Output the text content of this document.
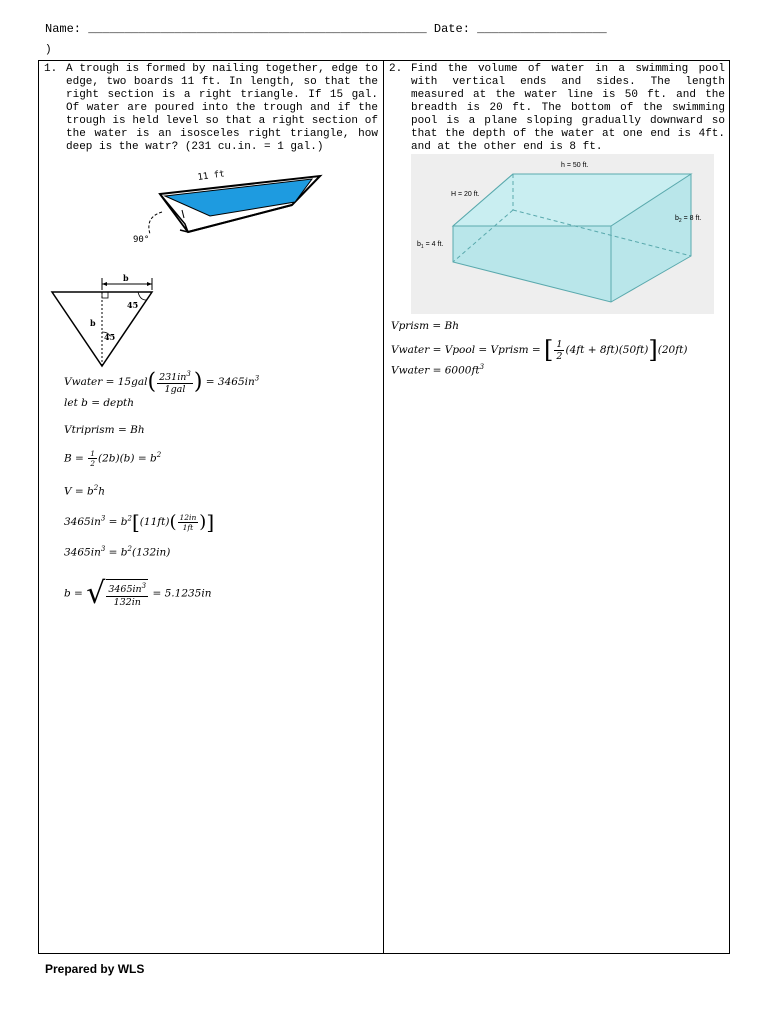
Name: _______________________________________________ Date: __________________
)
1. A trough is formed by nailing together, edge to edge, two boards 11 ft. In length, so that the right section is a right triangle. If 15 gal. Of water are poured into the trough and if the trough is held level so that a right section of the water is an isosceles right triangle, how deep is the watr? (231 cu.in. = 1 gal.)
11 ft
90°
b
b
45
45
Vwater = $15gal( \frac{231in^3}{\text{1gal}}$ ) = $3465in^3$
let b = depth
Vtriprism = Bh
$B = \frac{1}{2} (2b)(b) = b^2$
$V = b^2h$
$3465in^3 = b^2[(11ft)( \frac{12in}{1ft}$ )]
$3465in^3 = b^2(132in)$
b = √ $\frac{3465in^3}{132in} = 5.1235in$
2. Find the volume of water in a swimming pool with vertical ends and sides. The length measured at the water line is 50 ft. and the breadth is 20 ft. The bottom of the swimming pool is a plane sloping gradually downward so that the depth of the water at one end is 4ft. and at the other end is 8 ft.
h = 50 ft.
H = 20 ft.
$b_1 = 4$ ft.
$b_2 = 8$ ft.
Vprism = Bh
Vwater = Vpool = Vprism = [ $\frac{1}{2} (4ft + 8ft)(50ft)](20ft)$
Vwater = $6000ft^3$
Prepared by WLS
